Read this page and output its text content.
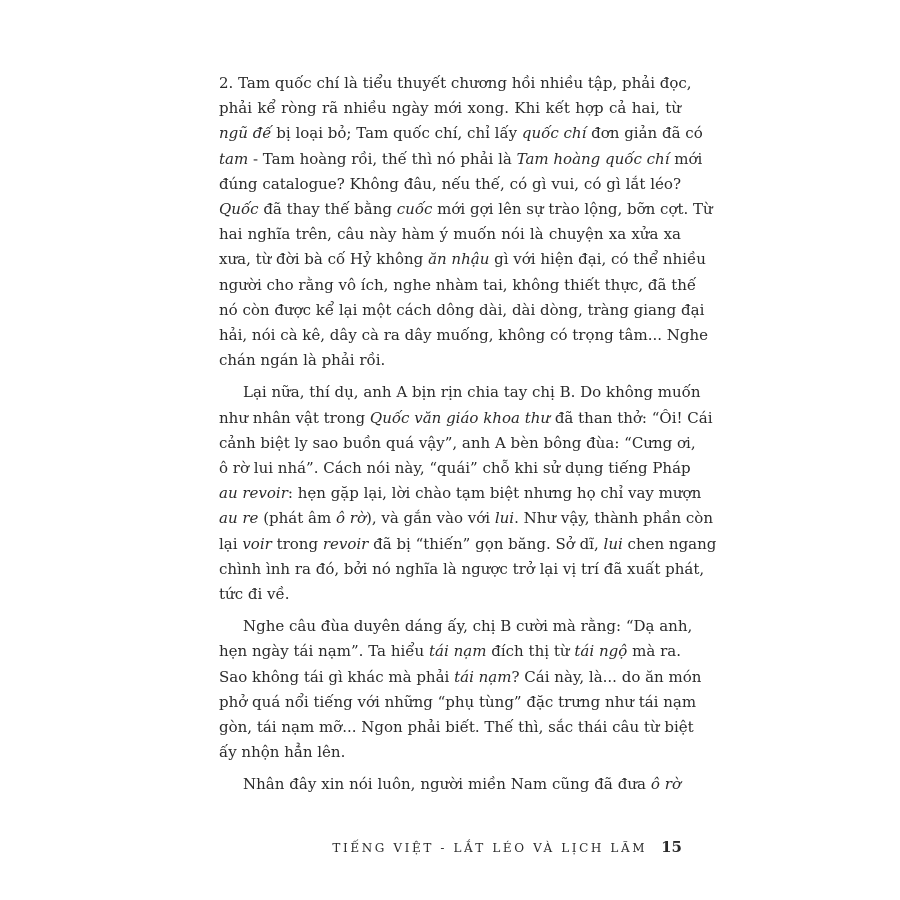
2. Tam quốc chí là tiểu thuyết chương hồi nhiều tập, phải đọc,
phải kể ròng rã nhiều ngày mới xong. Khi kết hợp cả hai, từ
ngũ đế bị loại bỏ; Tam quốc chí, chỉ lấy quốc chí đơn giản đã có
tam - Tam hoàng rồi, thế thì nó phải là Tam hoàng quốc chí mới
đúng catalogue? Không đâu, nếu thế, có gì vui, có gì lắt léo?
Quốc đã thay thế bằng cuốc mới gợi lên sự trào lộng, bỡn cợt. Từ
hai nghĩa trên, câu này hàm ý muốn nói là chuyện xa xửa xa
xưa, từ đời bà cố Hỷ không ăn nhậu gì với hiện đại, có thể nhiều
người cho rằng vô ích, nghe nhàm tai, không thiết thực, đã thế
nó còn được kể lại một cách dông dài, dài dòng, tràng giang đại
hải, nói cà kê, dây cà ra dây muống, không có trọng tâm... Nghe
chán ngán là phải rồi.
Lại nữa, thí dụ, anh A bịn rịn chia tay chị B. Do không muốn
như nhân vật trong Quốc văn giáo khoa thư đã than thở: “Ôi! Cái
cảnh biệt ly sao buồn quá vậy”, anh A bèn bông đùa: “Cưng ơi,
ô rờ lui nhá”. Cách nói này, “quái” chỗ khi sử dụng tiếng Pháp
au revoir: hẹn gặp lại, lời chào tạm biệt nhưng họ chỉ vay mượn
au re (phát âm ô rờ), và gắn vào với lui. Như vậy, thành phần còn
lại voir trong revoir đã bị “thiến” gọn băng. Sở dĩ, lui chen ngang
chình ình ra đó, bởi nó nghĩa là ngược trở lại vị trí đã xuất phát,
tức đi về.
Nghe câu đùa duyên dáng ấy, chị B cười mà rằng: “Dạ anh,
hẹn ngày tái nạm”. Ta hiểu tái nạm đích thị từ tái ngộ mà ra.
Sao không tái gì khác mà phải tái nạm? Cái này, là... do ăn món
phở quá nổi tiếng với những “phụ tùng” đặc trưng như tái nạm
gòn, tái nạm mỡ... Ngon phải biết. Thế thì, sắc thái câu từ biệt
ấy nhộn hẳn lên.
Nhân đây xin nói luôn, người miền Nam cũng đã đưa ô rờ
TIẾNG VIỆT - LẮT LÉO VÀ LỊCH LÃM 15
